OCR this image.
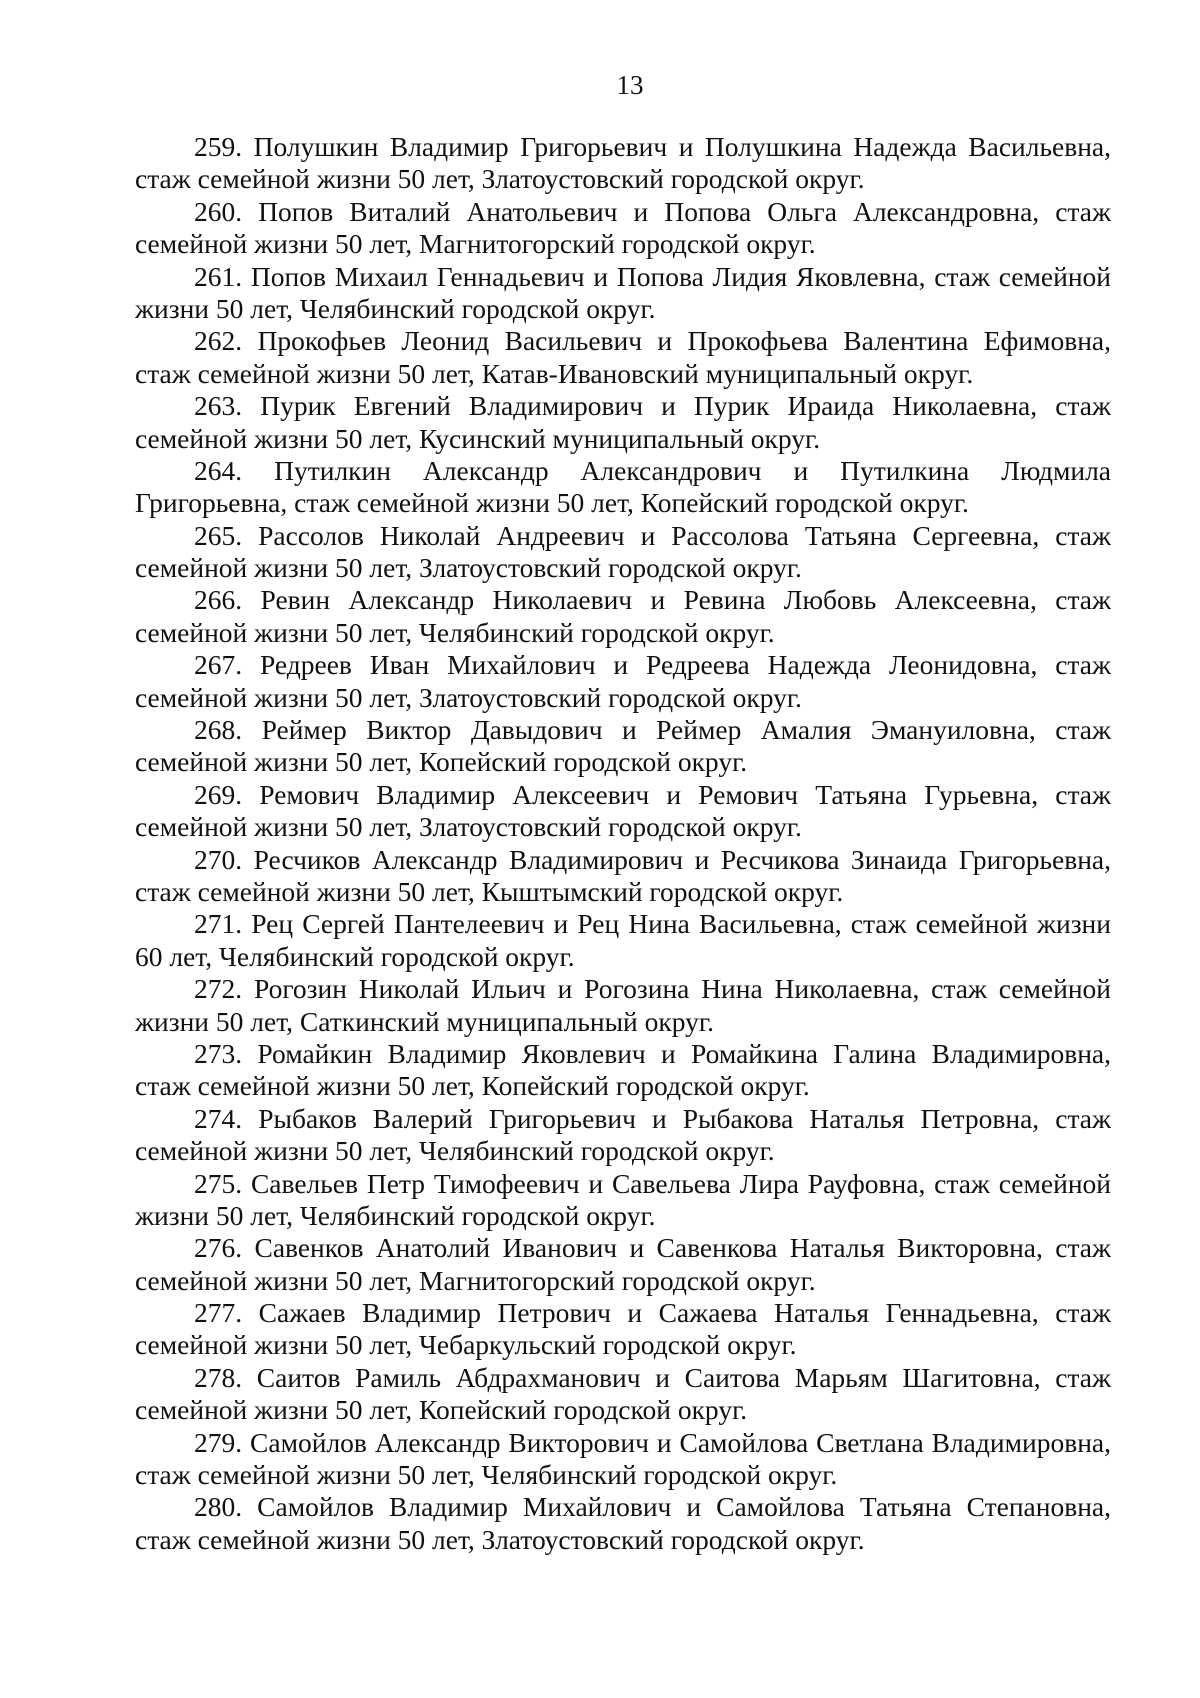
13

259. Полушкин Владимир Григорьевич и Полушкина Надежда Васильевна, стаж семейной жизни 50 лет, Златоустовский городской округ.

260. Попов Виталий Анатольевич и Попова Ольга Александровна, стаж семейной жизни 50 лет, Магнитогорский городской округ.

261. Попов Михаил Геннадьевич и Попова Лидия Яковлевна, стаж семейной жизни 50 лет, Челябинский городской округ.

262. Прокофьев Леонид Васильевич и Прокофьева Валентина Ефимовна, стаж семейной жизни 50 лет, Катав-Ивановский муниципальный округ.

263. Пурик Евгений Владимирович и Пурик Ираида Николаевна, стаж семейной жизни 50 лет, Кусинский муниципальный округ.

264. Путилкин Александр Александрович и Путилкина Людмила Григорьевна, стаж семейной жизни 50 лет, Копейский городской округ.

265. Рассолов Николай Андреевич и Рассолова Татьяна Сергеевна, стаж семейной жизни 50 лет, Златоустовский городской округ.

266. Ревин Александр Николаевич и Ревина Любовь Алексеевна, стаж семейной жизни 50 лет, Челябинский городской округ.

267. Редреев Иван Михайлович и Редреева Надежда Леонидовна, стаж семейной жизни 50 лет, Златоустовский городской округ.

268. Реймер Виктор Давыдович и Реймер Амалия Эмануиловна, стаж семейной жизни 50 лет, Копейский городской округ.

269. Ремович Владимир Алексеевич и Ремович Татьяна Гурьевна, стаж семейной жизни 50 лет, Златоустовский городской округ.

270. Ресчиков Александр Владимирович и Ресчикова Зинаида Григорьевна, стаж семейной жизни 50 лет, Кыштымский городской округ.

271. Рец Сергей Пантелеевич и Рец Нина Васильевна, стаж семейной жизни 60 лет, Челябинский городской округ.

272. Рогозин Николай Ильич и Рогозина Нина Николаевна, стаж семейной жизни 50 лет, Саткинский муниципальный округ.

273. Ромайкин Владимир Яковлевич и Ромайкина Галина Владимировна, стаж семейной жизни 50 лет, Копейский городской округ.

274. Рыбаков Валерий Григорьевич и Рыбакова Наталья Петровна, стаж семейной жизни 50 лет, Челябинский городской округ.

275. Савельев Петр Тимофеевич и Савельева Лира Рауфовна, стаж семейной жизни 50 лет, Челябинский городской округ.

276. Савенков Анатолий Иванович и Савенкова Наталья Викторовна, стаж семейной жизни 50 лет, Магнитогорский городской округ.

277. Сажаев Владимир Петрович и Сажаева Наталья Геннадьевна, стаж семейной жизни 50 лет, Чебаркульский городской округ.

278. Саитов Рамиль Абдрахманович и Саитова Марьям Шагитовна, стаж семейной жизни 50 лет, Копейский городской округ.

279. Самойлов Александр Викторович и Самойлова Светлана Владимировна, стаж семейной жизни 50 лет, Челябинский городской округ.

280. Самойлов Владимир Михайлович и Самойлова Татьяна Степановна, стаж семейной жизни 50 лет, Златоустовский городской округ.
